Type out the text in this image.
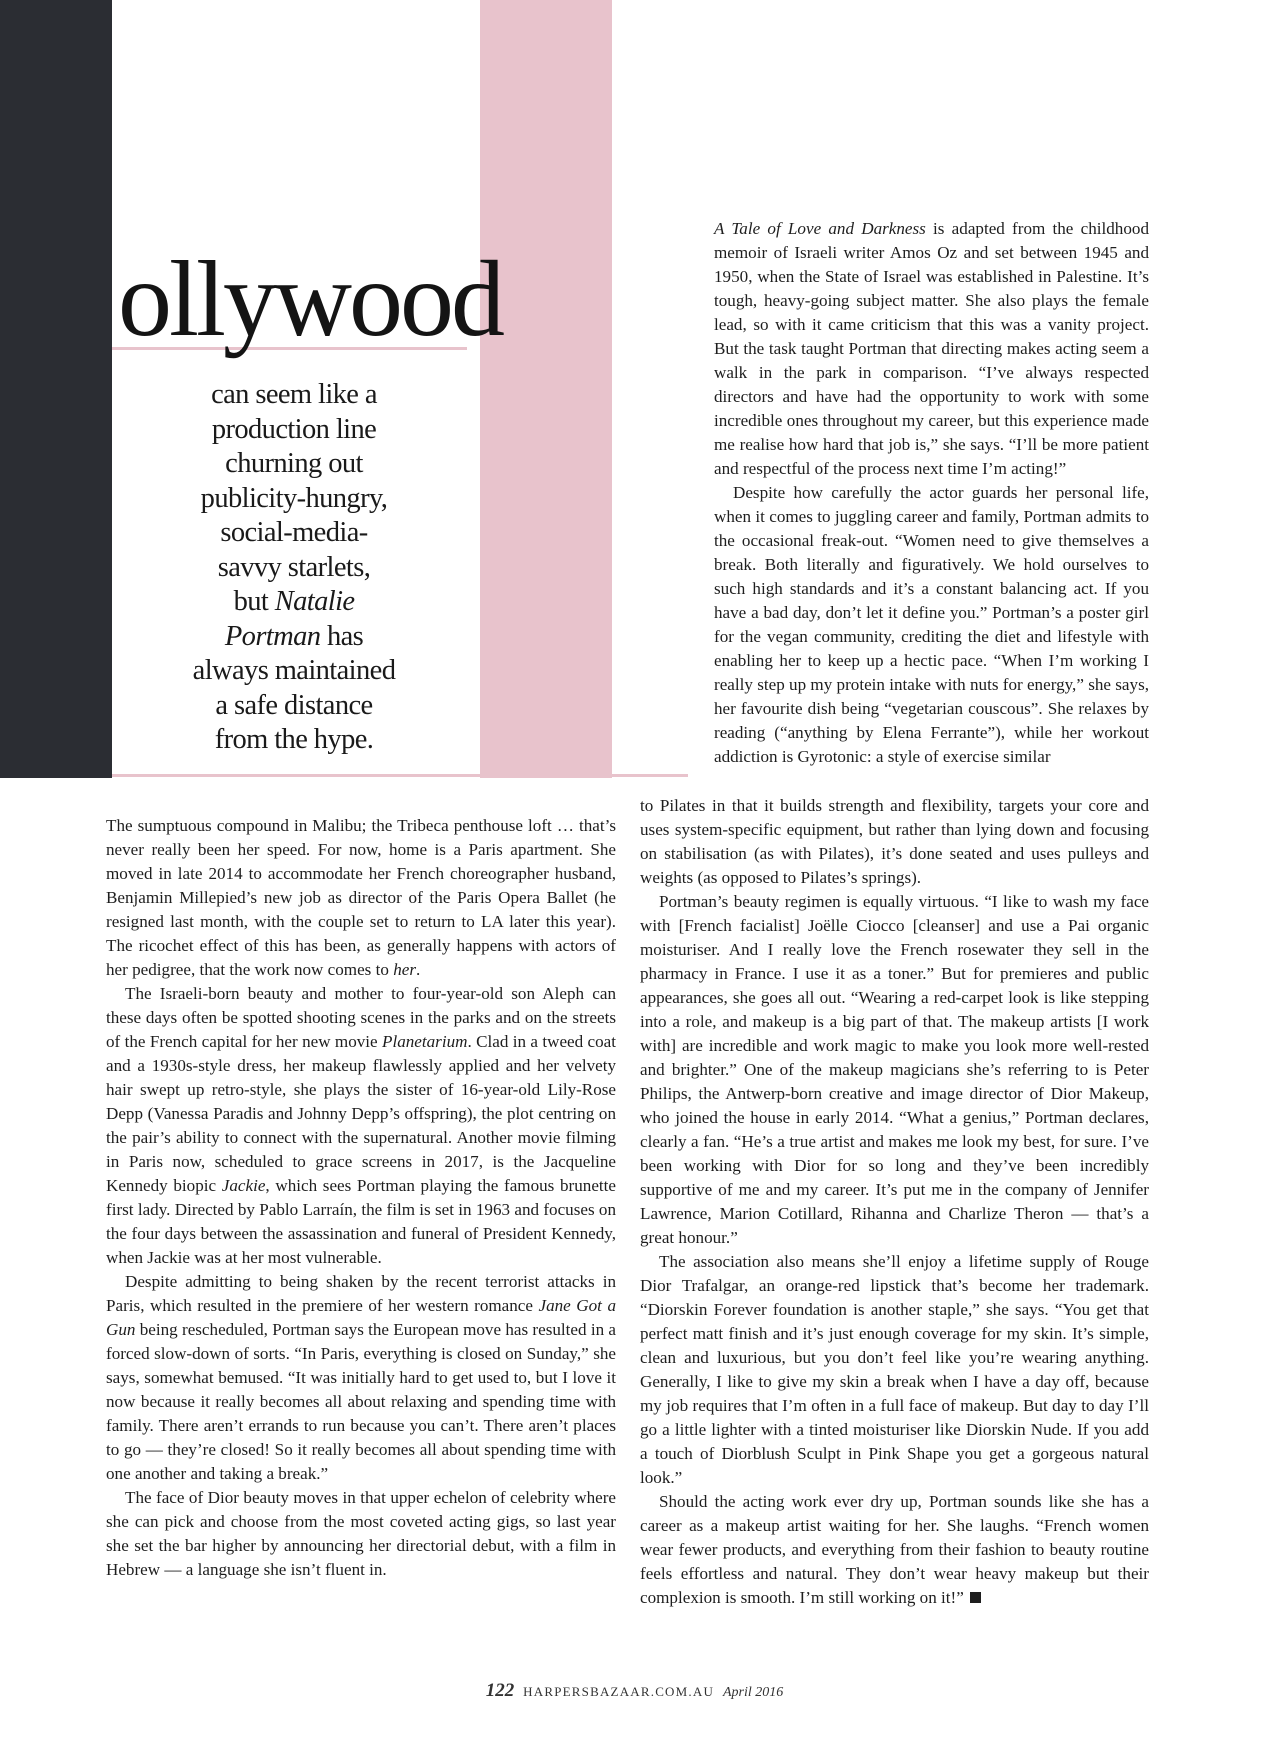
ollywood

can seem like a

production line

churning out

publicity-hungry,

social-media-

savvy starlets,

but Natalie

Portman has

always maintained

a safe distance

from the hype.

A Tale of Love and Darkness is adapted from the childhood memoir of Israeli writer Amos Oz and set between 1945 and 1950, when the State of Israel was established in Palestine. It’s tough, heavy-going subject matter. She also plays the female lead, so with it came criticism that this was a vanity project. But the task taught Portman that directing makes acting seem a walk in the park in comparison. “I’ve always respected directors and have had the opportunity to work with some incredible ones throughout my career, but this experience made me realise how hard that job is,” she says. “I’ll be more patient and respectful of the process next time I’m acting!”

Despite how carefully the actor guards her personal life, when it comes to juggling career and family, Portman admits to the occasional freak-out. “Women need to give themselves a break. Both literally and figuratively. We hold ourselves to such high standards and it’s a constant balancing act. If you have a bad day, don’t let it define you.” Portman’s a poster girl for the vegan community, crediting the diet and lifestyle with enabling her to keep up a hectic pace. “When I’m working I really step up my protein intake with nuts for energy,” she says, her favourite dish being “vegetarian couscous”. She relaxes by reading (“anything by Elena Ferrante”), while her workout addiction is Gyrotonic: a style of exercise similar

to Pilates in that it builds strength and flexibility, targets your core and uses system-specific equipment, but rather than lying down and focusing on stabilisation (as with Pilates), it’s done seated and uses pulleys and weights (as opposed to Pilates’s springs).

Portman’s beauty regimen is equally virtuous. “I like to wash my face with [French facialist] Joëlle Ciocco [cleanser] and use a Pai organic moisturiser. And I really love the French rosewater they sell in the pharmacy in France. I use it as a toner.” But for premieres and public appearances, she goes all out. “Wearing a red-carpet look is like stepping into a role, and makeup is a big part of that. The makeup artists [I work with] are incredible and work magic to make you look more well-rested and brighter.” One of the makeup magicians she’s referring to is Peter Philips, the Antwerp-born creative and image director of Dior Makeup, who joined the house in early 2014. “What a genius,” Portman declares, clearly a fan. “He’s a true artist and makes me look my best, for sure. I’ve been working with Dior for so long and they’ve been incredibly supportive of me and my career. It’s put me in the company of Jennifer Lawrence, Marion Cotillard, Rihanna and Charlize Theron — that’s a great honour.”

The association also means she’ll enjoy a lifetime supply of Rouge Dior Trafalgar, an orange-red lipstick that’s become her trademark. “Diorskin Forever foundation is another staple,” she says. “You get that perfect matt finish and it’s just enough coverage for my skin. It’s simple, clean and luxurious, but you don’t feel like you’re wearing anything. Generally, I like to give my skin a break when I have a day off, because my job requires that I’m often in a full face of makeup. But day to day I’ll go a little lighter with a tinted moisturiser like Diorskin Nude. If you add a touch of Diorblush Sculpt in Pink Shape you get a gorgeous natural look.”

Should the acting work ever dry up, Portman sounds like she has a career as a makeup artist waiting for her. She laughs. “French women wear fewer products, and everything from their fashion to beauty routine feels effortless and natural. They don’t wear heavy makeup but their complexion is smooth. I’m still working on it!”

The sumptuous compound in Malibu; the Tribeca penthouse loft … that’s never really been her speed. For now, home is a Paris apartment. She moved in late 2014 to accommodate her French choreographer husband, Benjamin Millepied’s new job as director of the Paris Opera Ballet (he resigned last month, with the couple set to return to LA later this year). The ricochet effect of this has been, as generally happens with actors of her pedigree, that the work now comes to her.

The Israeli-born beauty and mother to four-year-old son Aleph can these days often be spotted shooting scenes in the parks and on the streets of the French capital for her new movie Planetarium. Clad in a tweed coat and a 1930s-style dress, her makeup flawlessly applied and her velvety hair swept up retro-style, she plays the sister of 16-year-old Lily-Rose Depp (Vanessa Paradis and Johnny Depp’s offspring), the plot centring on the pair’s ability to connect with the supernatural. Another movie filming in Paris now, scheduled to grace screens in 2017, is the Jacqueline Kennedy biopic Jackie, which sees Portman playing the famous brunette first lady. Directed by Pablo Larraín, the film is set in 1963 and focuses on the four days between the assassination and funeral of President Kennedy, when Jackie was at her most vulnerable.

Despite admitting to being shaken by the recent terrorist attacks in Paris, which resulted in the premiere of her western romance Jane Got a Gun being rescheduled, Portman says the European move has resulted in a forced slow-down of sorts. “In Paris, everything is closed on Sunday,” she says, somewhat bemused. “It was initially hard to get used to, but I love it now because it really becomes all about relaxing and spending time with family. There aren’t errands to run because you can’t. There aren’t places to go — they’re closed! So it really becomes all about spending time with one another and taking a break.”

The face of Dior beauty moves in that upper echelon of celebrity where she can pick and choose from the most coveted acting gigs, so last year she set the bar higher by announcing her directorial debut, with a film in Hebrew — a language she isn’t fluent in.

122 HARPERSBAZAAR.COM.AU April 2016
